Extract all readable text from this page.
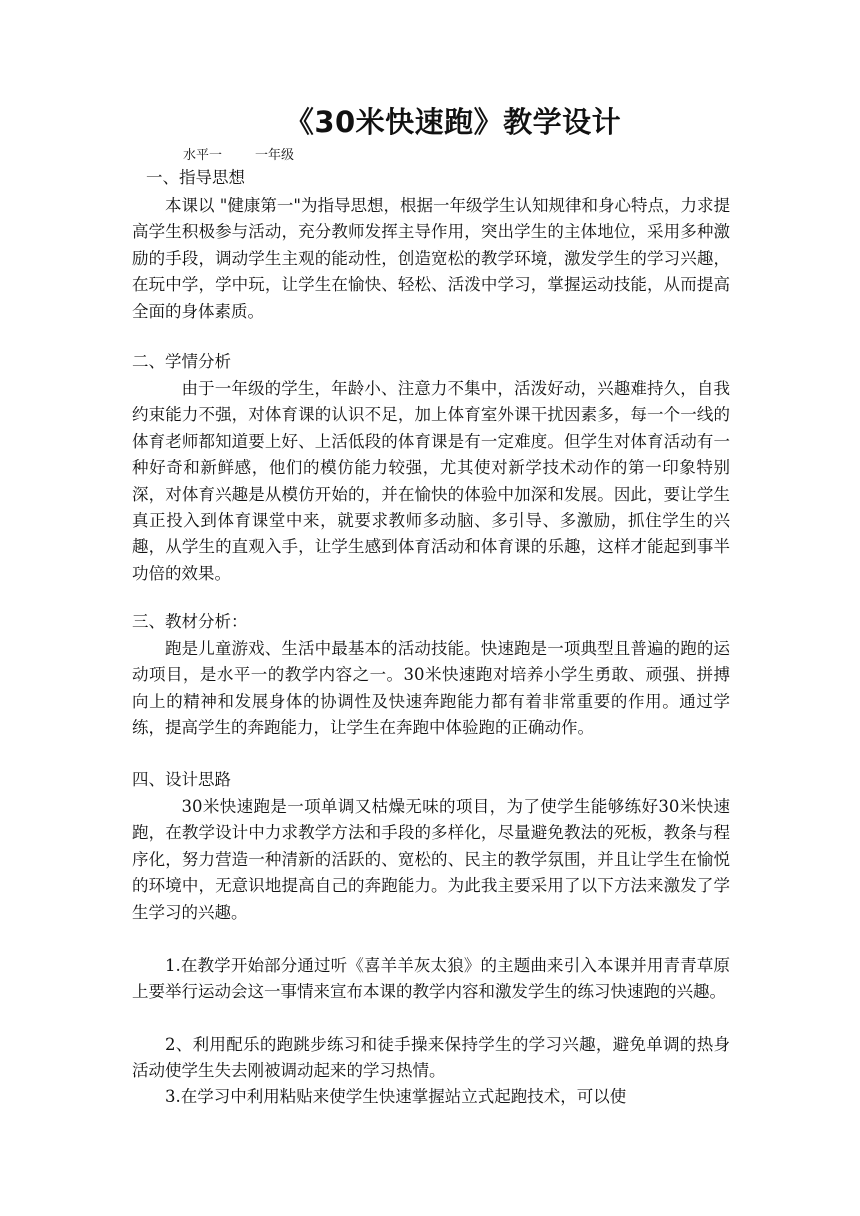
《30米快速跑》教学设计
水平一        一年级
一、指导思想
本课以 "健康第一"为指导思想，根据一年级学生认知规律和身心特点，力求提高学生积极参与活动，充分教师发挥主导作用，突出学生的主体地位，采用多种激励的手段，调动学生主观的能动性，创造宽松的教学环境，激发学生的学习兴趣，在玩中学，学中玩，让学生在愉快、轻松、活泼中学习，掌握运动技能，从而提高全面的身体素质。
二、学情分析
由于一年级的学生，年龄小、注意力不集中，活泼好动，兴趣难持久，自我约束能力不强，对体育课的认识不足，加上体育室外课干扰因素多，每一个一线的体育老师都知道要上好、上活低段的体育课是有一定难度。但学生对体育活动有一种好奇和新鲜感，他们的模仿能力较强，尤其使对新学技术动作的第一印象特别深，对体育兴趣是从模仿开始的，并在愉快的体验中加深和发展。因此，要让学生真正投入到体育课堂中来，就要求教师多动脑、多引导、多激励，抓住学生的兴趣，从学生的直观入手，让学生感到体育活动和体育课的乐趣，这样才能起到事半功倍的效果。
三、教材分析：
跑是儿童游戏、生活中最基本的活动技能。快速跑是一项典型且普遍的跑的运动项目，是水平一的教学内容之一。30米快速跑对培养小学生勇敢、顽强、拼搏向上的精神和发展身体的协调性及快速奔跑能力都有着非常重要的作用。通过学练，提高学生的奔跑能力，让学生在奔跑中体验跑的正确动作。
四、设计思路
30米快速跑是一项单调又枯燥无味的项目，为了使学生能够练好30米快速跑，在教学设计中力求教学方法和手段的多样化，尽量避免教法的死板，教条与程序化，努力营造一种清新的活跃的、宽松的、民主的教学氛围，并且让学生在愉悦的环境中，无意识地提高自己的奔跑能力。为此我主要采用了以下方法来激发了学生学习的兴趣。
1.在教学开始部分通过听《喜羊羊灰太狼》的主题曲来引入本课并用青青草原上要举行运动会这一事情来宣布本课的教学内容和激发学生的练习快速跑的兴趣。
2、利用配乐的跑跳步练习和徒手操来保持学生的学习兴趣，避免单调的热身活动使学生失去刚被调动起来的学习热情。
3.在学习中利用粘贴来使学生快速掌握站立式起跑技术，可以使
